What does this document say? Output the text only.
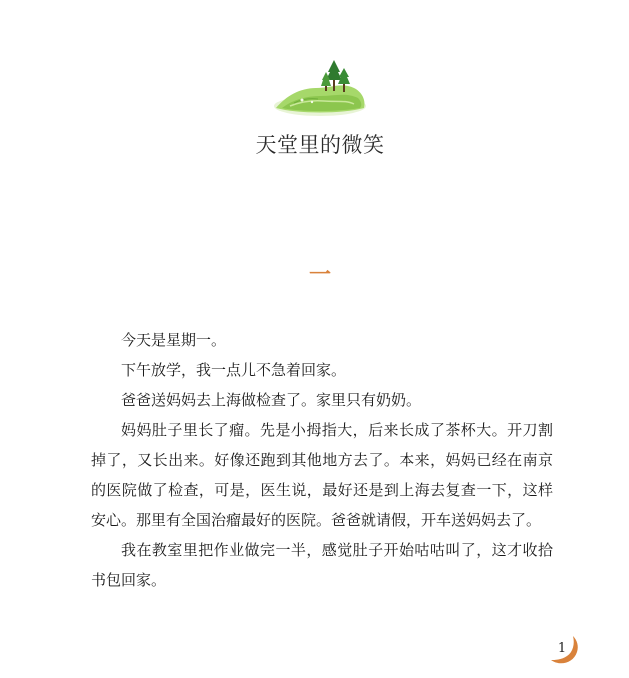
天堂里的微笑
一

今天是星期一。

下午放学，我一点儿不急着回家。

爸爸送妈妈去上海做检查了。家里只有奶奶。

妈妈肚子里长了瘤。先是小拇指大，后来长成了茶杯大。开刀割掉了，又长出来。好像还跑到其他地方去了。本来，妈妈已经在南京的医院做了检查，可是，医生说，最好还是到上海去复查一下，这样安心。那里有全国治瘤最好的医院。爸爸就请假，开车送妈妈去了。

我在教室里把作业做完一半，感觉肚子开始咕咕叫了，这才收拾书包回家。

1
